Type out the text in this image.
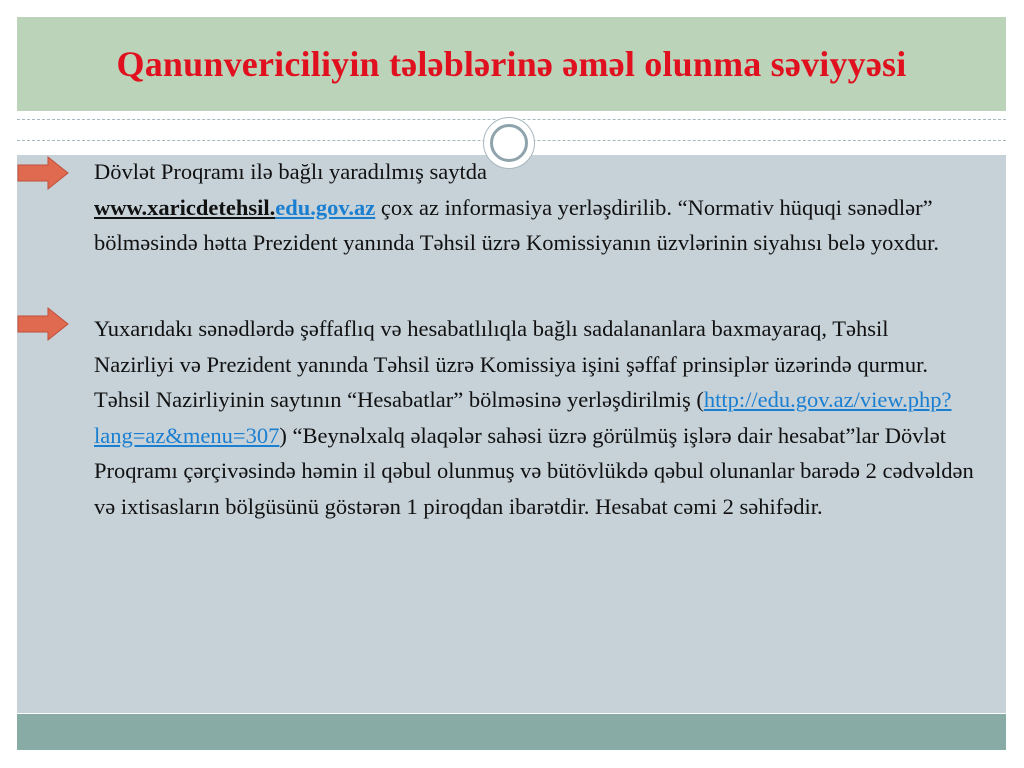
Qanunvericiliyin tələblərinə əməl olunma səviyyəsi
Dövlət Proqramı ilə bağlı yaradılmış saytda
www.xaricdetehsil.edu.gov.az çox az informasiya yerləşdirilib. “Normativ hüquqi sənədlər” bölməsində hətta Prezident yanında Təhsil üzrə Komissiyanın üzvlərinin siyahısı belə yoxdur.
Yuxarıdakı sənədlərdə şəffaflıq və hesabatlılıqla bağlı sadalananlara baxmayaraq, Təhsil Nazirliyi və Prezident yanında Təhsil üzrə Komissiya işini şəffaf prinsiplər üzərində qurmur. Təhsil Nazirliyinin saytının “Hesabatlar” bölməsinə yerləşdirilmiş (http://edu.gov.az/view.php?lang=az&menu=307) “Beynəlxalq əlaqələr sahəsi üzrə görülmüş işlərə dair hesabat”lar Dövlət Proqramı çərçivəsində həmin il qəbul olunmuş və bütövlükdə qəbul olunanlar barədə 2 cədvəldən və ixtisasların bölgüsünü göstərən 1 piroqdan ibarətdir. Hesabat cəmi 2 səhifədir.
